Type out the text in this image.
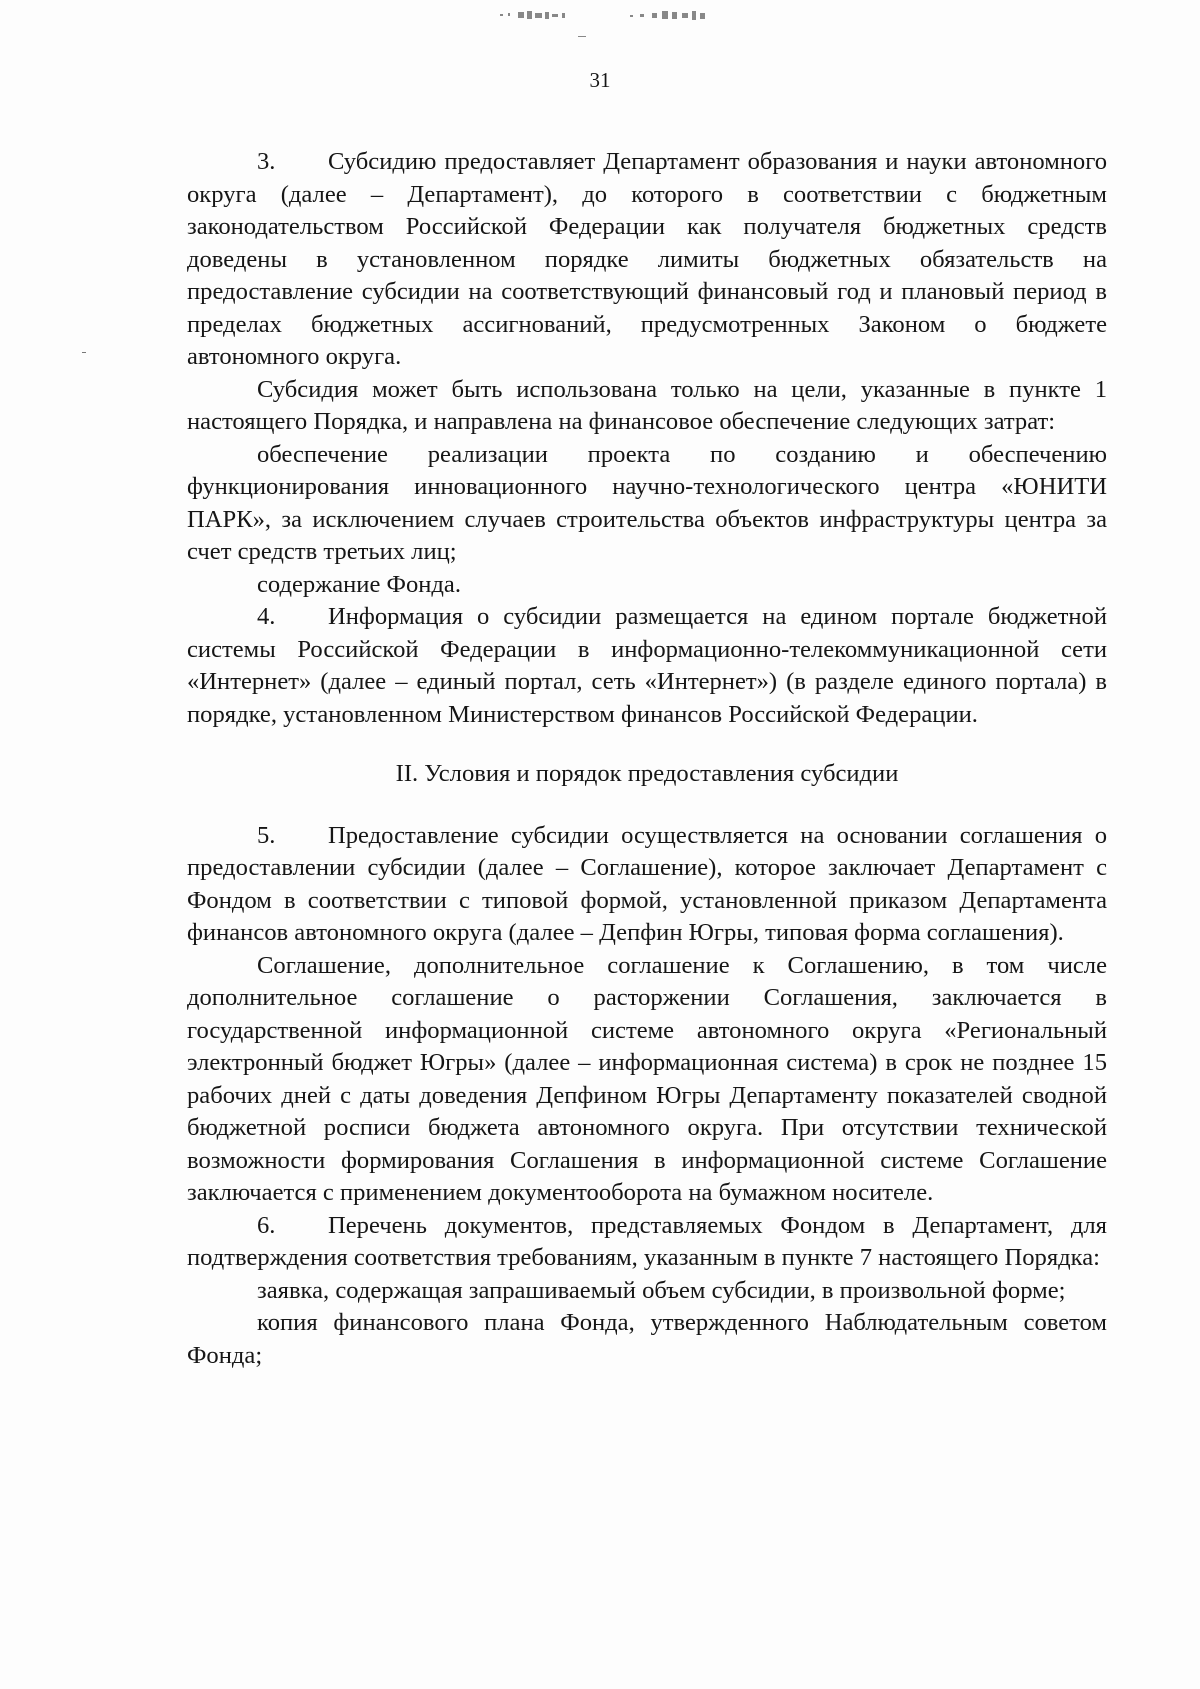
31

3. Субсидию предоставляет Департамент образования и науки автономного округа (далее – Департамент), до которого в соответствии с бюджетным законодательством Российской Федерации как получателя бюджетных средств доведены в установленном порядке лимиты бюджетных обязательств на предоставление субсидии на соответствующий финансовый год и плановый период в пределах бюджетных ассигнований, предусмотренных Законом о бюджете автономного округа.

Субсидия может быть использована только на цели, указанные в пункте 1 настоящего Порядка, и направлена на финансовое обеспечение следующих затрат:

обеспечение реализации проекта по созданию и обеспечению функционирования инновационного научно-технологического центра «ЮНИТИ ПАРК», за исключением случаев строительства объектов инфраструктуры центра за счет средств третьих лиц;

содержание Фонда.

4. Информация о субсидии размещается на едином портале бюджетной системы Российской Федерации в информационно-телекоммуникационной сети «Интернет» (далее – единый портал, сеть «Интернет») (в разделе единого портала) в порядке, установленном Министерством финансов Российской Федерации.

II. Условия и порядок предоставления субсидии

5. Предоставление субсидии осуществляется на основании соглашения о предоставлении субсидии (далее – Соглашение), которое заключает Департамент с Фондом в соответствии с типовой формой, установленной приказом Департамента финансов автономного округа (далее – Депфин Югры, типовая форма соглашения).

Соглашение, дополнительное соглашение к Соглашению, в том числе дополнительное соглашение о расторжении Соглашения, заключается в государственной информационной системе автономного округа «Региональный электронный бюджет Югры» (далее – информационная система) в срок не позднее 15 рабочих дней с даты доведения Депфином Югры Департаменту показателей сводной бюджетной росписи бюджета автономного округа. При отсутствии технической возможности формирования Соглашения в информационной системе Соглашение заключается с применением документооборота на бумажном носителе.

6. Перечень документов, представляемых Фондом в Департамент, для подтверждения соответствия требованиям, указанным в пункте 7 настоящего Порядка:

заявка, содержащая запрашиваемый объем субсидии, в произвольной форме;

копия финансового плана Фонда, утвержденного Наблюдательным советом Фонда;
